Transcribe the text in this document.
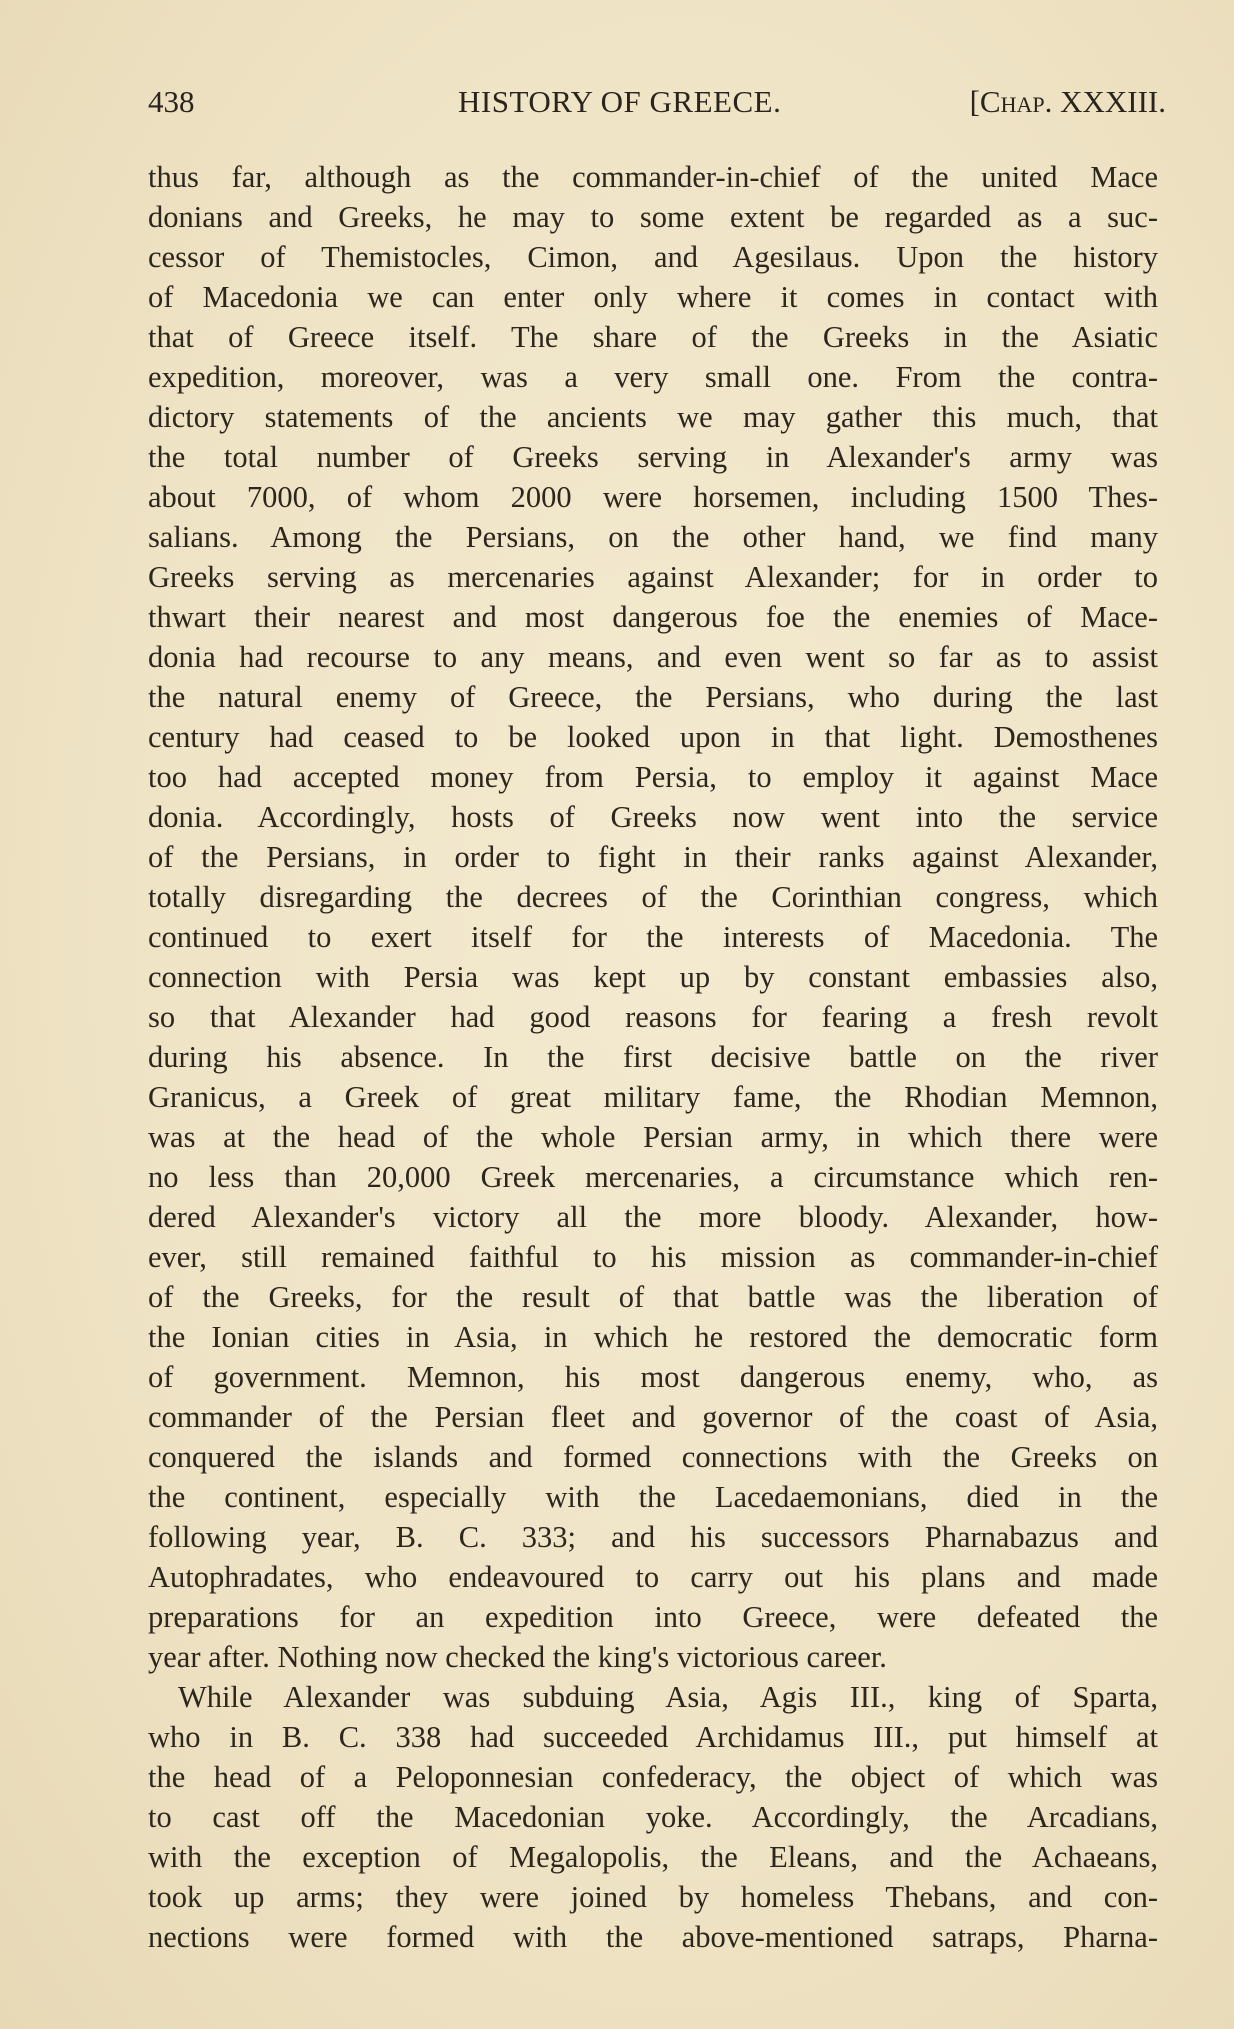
438	HISTORY OF GREECE.	[Chap. XXXIII.
thus far, although as the commander-in-chief of the united Mace
donians and Greeks, he may to some extent be regarded as a suc-
cessor of Themistocles, Cimon, and Agesilaus. Upon the history
of Macedonia we can enter only where it comes in contact with
that of Greece itself. The share of the Greeks in the Asiatic
expedition, moreover, was a very small one. From the contra-
dictory statements of the ancients we may gather this much, that
the total number of Greeks serving in Alexander's army was
about 7000, of whom 2000 were horsemen, including 1500 Thes-
salians. Among the Persians, on the other hand, we find many
Greeks serving as mercenaries against Alexander; for in order to
thwart their nearest and most dangerous foe the enemies of Mace-
donia had recourse to any means, and even went so far as to assist
the natural enemy of Greece, the Persians, who during the last
century had ceased to be looked upon in that light. Demosthenes
too had accepted money from Persia, to employ it against Mace
donia. Accordingly, hosts of Greeks now went into the service
of the Persians, in order to fight in their ranks against Alexander,
totally disregarding the decrees of the Corinthian congress, which
continued to exert itself for the interests of Macedonia. The
connection with Persia was kept up by constant embassies also,
so that Alexander had good reasons for fearing a fresh revolt
during his absence. In the first decisive battle on the river
Granicus, a Greek of great military fame, the Rhodian Memnon,
was at the head of the whole Persian army, in which there were
no less than 20,000 Greek mercenaries, a circumstance which ren-
dered Alexander's victory all the more bloody. Alexander, how-
ever, still remained faithful to his mission as commander-in-chief
of the Greeks, for the result of that battle was the liberation of
the Ionian cities in Asia, in which he restored the democratic form
of government. Memnon, his most dangerous enemy, who, as
commander of the Persian fleet and governor of the coast of Asia,
conquered the islands and formed connections with the Greeks on
the continent, especially with the Lacedaemonians, died in the
following year, B. C. 333; and his successors Pharnabazus and
Autophradates, who endeavoured to carry out his plans and made
preparations for an expedition into Greece, were defeated the
year after. Nothing now checked the king's victorious career.
While Alexander was subduing Asia, Agis III., king of Sparta,
who in B. C. 338 had succeeded Archidamus III., put himself at
the head of a Peloponnesian confederacy, the object of which was
to cast off the Macedonian yoke. Accordingly, the Arcadians,
with the exception of Megalopolis, the Eleans, and the Achaeans,
took up arms; they were joined by homeless Thebans, and con-
nections were formed with the above-mentioned satraps, Pharna-
